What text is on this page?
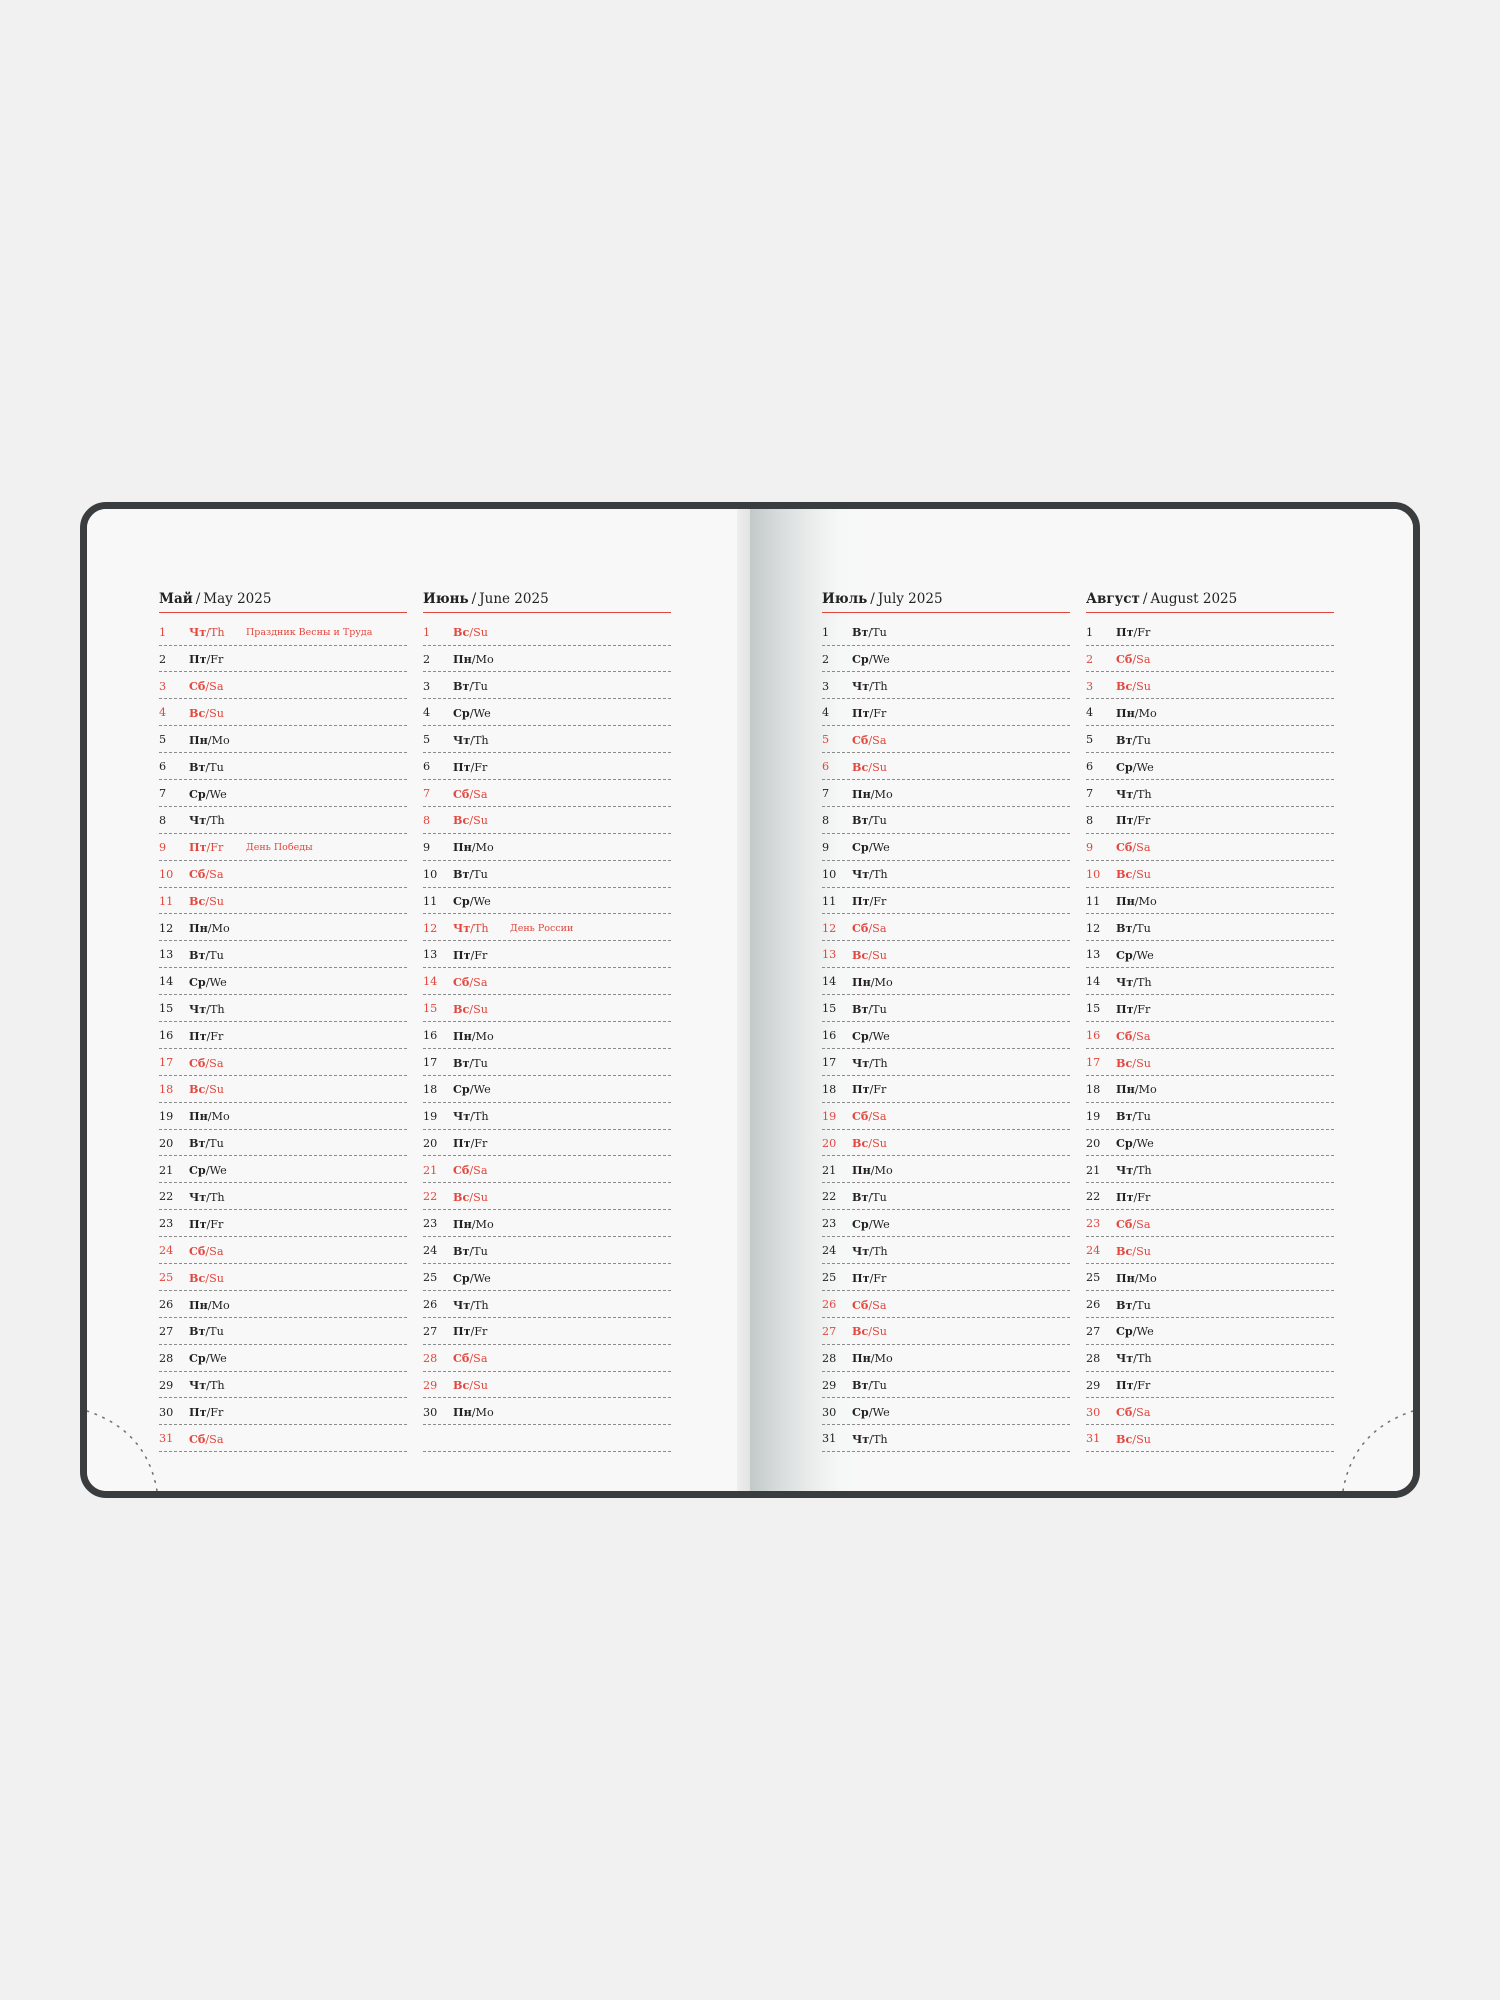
Май / May 2025
1	Чт/Th	Праздник Весны и Труда
2	Пт/Fr
3	Сб/Sa
4	Вс/Su
5	Пн/Mo
6	Вт/Tu
7	Ср/We
8	Чт/Th
9	Пт/Fr	День Победы
10	Сб/Sa
11	Вс/Su
12	Пн/Mo
13	Вт/Tu
14	Ср/We
15	Чт/Th
16	Пт/Fr
17	Сб/Sa
18	Вс/Su
19	Пн/Mo
20	Вт/Tu
21	Ср/We
22	Чт/Th
23	Пт/Fr
24	Сб/Sa
25	Вс/Su
26	Пн/Mo
27	Вт/Tu
28	Ср/We
29	Чт/Th
30	Пт/Fr
31	Сб/Sa
Июнь / June 2025
1	Вс/Su
2	Пн/Mo
3	Вт/Tu
4	Ср/We
5	Чт/Th
6	Пт/Fr
7	Сб/Sa
8	Вс/Su
9	Пн/Mo
10	Вт/Tu
11	Ср/We
12	Чт/Th	День России
13	Пт/Fr
14	Сб/Sa
15	Вс/Su
16	Пн/Mo
17	Вт/Tu
18	Ср/We
19	Чт/Th
20	Пт/Fr
21	Сб/Sa
22	Вс/Su
23	Пн/Mo
24	Вт/Tu
25	Ср/We
26	Чт/Th
27	Пт/Fr
28	Сб/Sa
29	Вс/Su
30	Пн/Mo
Июль / July 2025
1	Вт/Tu
2	Ср/We
3	Чт/Th
4	Пт/Fr
5	Сб/Sa
6	Вс/Su
7	Пн/Mo
8	Вт/Tu
9	Ср/We
10	Чт/Th
11	Пт/Fr
12	Сб/Sa
13	Вс/Su
14	Пн/Mo
15	Вт/Tu
16	Ср/We
17	Чт/Th
18	Пт/Fr
19	Сб/Sa
20	Вс/Su
21	Пн/Mo
22	Вт/Tu
23	Ср/We
24	Чт/Th
25	Пт/Fr
26	Сб/Sa
27	Вс/Su
28	Пн/Mo
29	Вт/Tu
30	Ср/We
31	Чт/Th
Август / August 2025
1	Пт/Fr
2	Сб/Sa
3	Вс/Su
4	Пн/Mo
5	Вт/Tu
6	Ср/We
7	Чт/Th
8	Пт/Fr
9	Сб/Sa
10	Вс/Su
11	Пн/Mo
12	Вт/Tu
13	Ср/We
14	Чт/Th
15	Пт/Fr
16	Сб/Sa
17	Вс/Su
18	Пн/Mo
19	Вт/Tu
20	Ср/We
21	Чт/Th
22	Пт/Fr
23	Сб/Sa
24	Вс/Su
25	Пн/Mo
26	Вт/Tu
27	Ср/We
28	Чт/Th
29	Пт/Fr
30	Сб/Sa
31	Вс/Su
